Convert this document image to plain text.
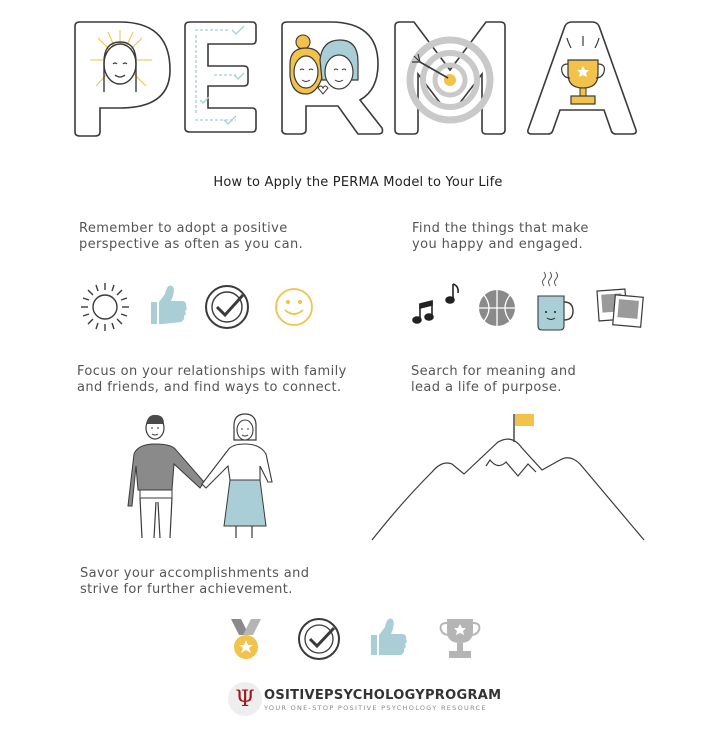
How to Apply the PERMA Model to Your Life
Remember to adopt a positive
perspective as often as you can.
Find the things that make
you happy and engaged.
Focus on your relationships with family
and friends, and find ways to connect.
Search for meaning and
lead a life of purpose.
Savor your accomplishments and
strive for further achievement.
Ψ OSITIVEPSYCHOLOGYPROGRAM
YOUR ONE-STOP POSITIVE PSYCHOLOGY RESOURCE
